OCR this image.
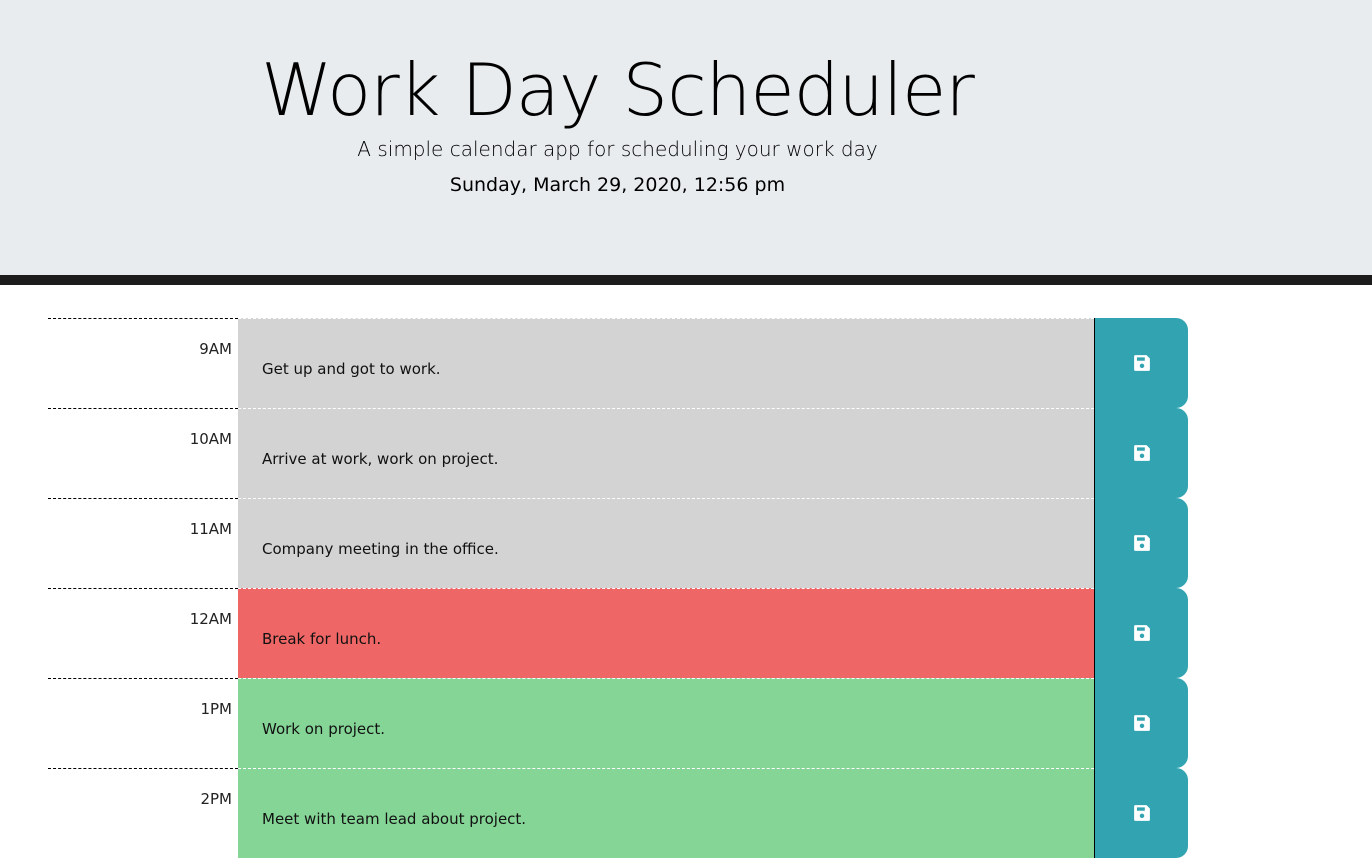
Work Day Scheduler

A simple calendar app for scheduling your work day

Sunday, March 29, 2020, 12:56 pm

9AM
Get up and got to work.
10AM
Arrive at work, work on project.
11AM
Company meeting in the office.
12AM
Break for lunch.
1PM
Work on project.
2PM
Meet with team lead about project.
